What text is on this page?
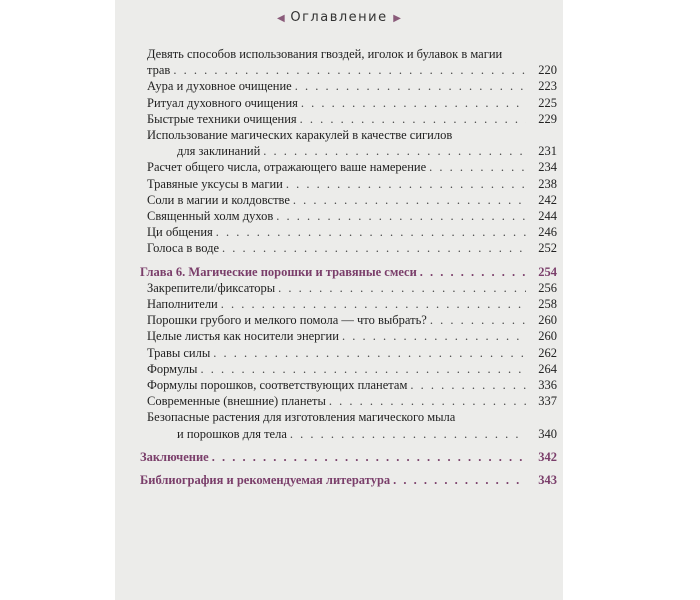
◀ Оглавление ▶
Девять способов использования гвоздей, иголок и булавок в магии
трав . . .	220
Аура и духовное очищение . . .	223
Ритуал духовного очищения . . .	225
Быстрые техники очищения . . .	229
Использование магических каракулей в качестве сигилов
для заклинаний . . .	231
Расчет общего числа, отражающего ваше намерение . . .	234
Травяные уксусы в магии . . .	238
Соли в магии и колдовстве . . .	242
Священный холм духов . . .	244
Ци общения . . .	246
Голоса в воде . . .	252
Глава 6. Магические порошки и травяные смеси . . .	254
Закрепители/фиксаторы . . .	256
Наполнители . . .	258
Порошки грубого и мелкого помола — что выбрать? . . .	260
Целые листья как носители энергии . . .	260
Травы силы . . .	262
Формулы . . .	264
Формулы порошков, соответствующих планетам . . .	336
Современные (внешние) планеты . . .	337
Безопасные растения для изготовления магического мыла
и порошков для тела . . .	340
Заключение . . .	342
Библиография и рекомендуемая литература . . .	343
